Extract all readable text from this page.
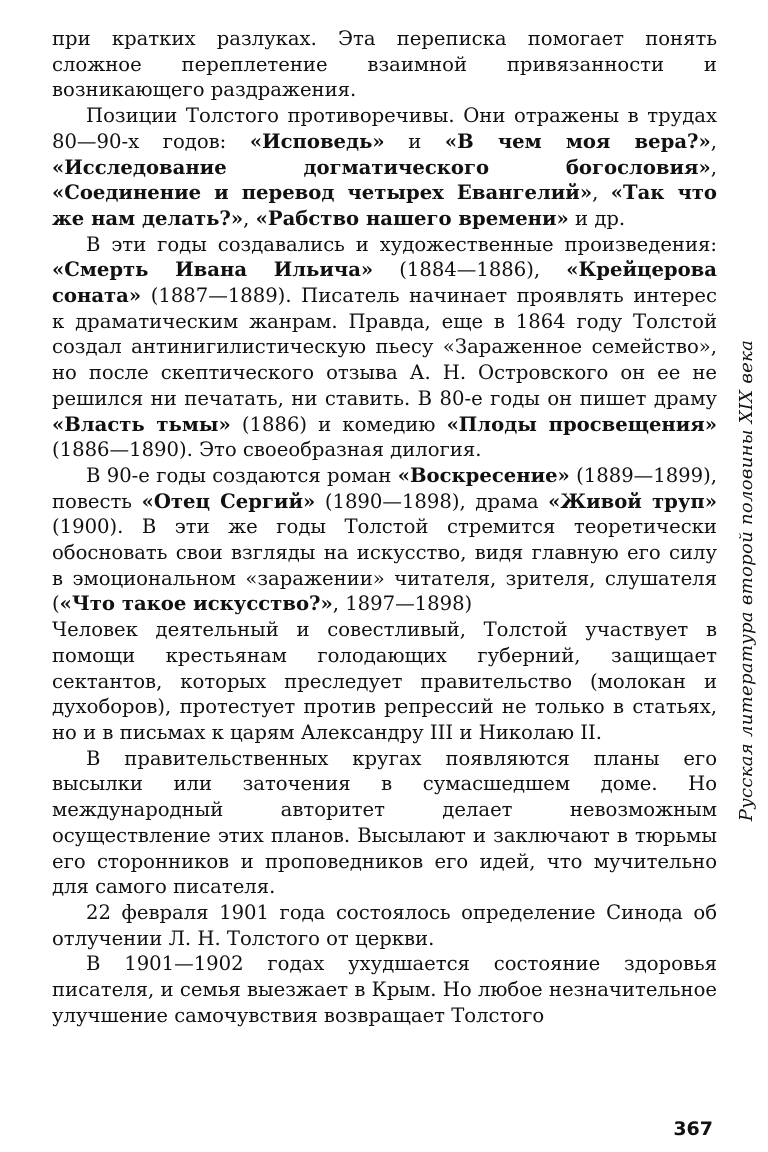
при кратких разлуках. Эта переписка помогает понять сложное переплетение взаимной привязанности и возникающего раздражения.

Позиции Толстого противоречивы. Они отражены в трудах 80—90-х годов: «Исповедь» и «В чем моя вера?», «Исследование догматического богословия», «Соединение и перевод четырех Евангелий», «Так что же нам делать?», «Рабство нашего времени» и др.

В эти годы создавались и художественные произведения: «Смерть Ивана Ильича» (1884—1886), «Крейцерова соната» (1887—1889). Писатель начинает проявлять интерес к драматическим жанрам. Правда, еще в 1864 году Толстой создал антинигилистическую пьесу «Зараженное семейство», но после скептического отзыва А. Н. Островского он ее не решился ни печатать, ни ставить. В 80-е годы он пишет драму «Власть тьмы» (1886) и комедию «Плоды просвещения» (1886—1890). Это своеобразная дилогия.

В 90-е годы создаются роман «Воскресение» (1889—1899), повесть «Отец Сергий» (1890—1898), драма «Живой труп» (1900). В эти же годы Толстой стремится теоретически обосновать свои взгляды на искусство, видя главную его силу в эмоциональном «заражении» читателя, зрителя, слушателя («Что такое искусство?», 1897—1898)

Человек деятельный и совестливый, Толстой участвует в помощи крестьянам голодающих губерний, защищает сектантов, которых преследует правительство (молокан и духоборов), протестует против репрессий не только в статьях, но и в письмах к царям Александру III и Николаю II.

В правительственных кругах появляются планы его высылки или заточения в сумасшедшем доме. Но международный авторитет делает невозможным осуществление этих планов. Высылают и заключают в тюрьмы его сторонников и проповедников его идей, что мучительно для самого писателя.

22 февраля 1901 года состоялось определение Синода об отлучении Л. Н. Толстого от церкви.

В 1901—1902 годах ухудшается состояние здоровья писателя, и семья выезжает в Крым. Но любое незначительное улучшение самочувствия возвращает Толстого

Русская литература второй половины XIX века
367
